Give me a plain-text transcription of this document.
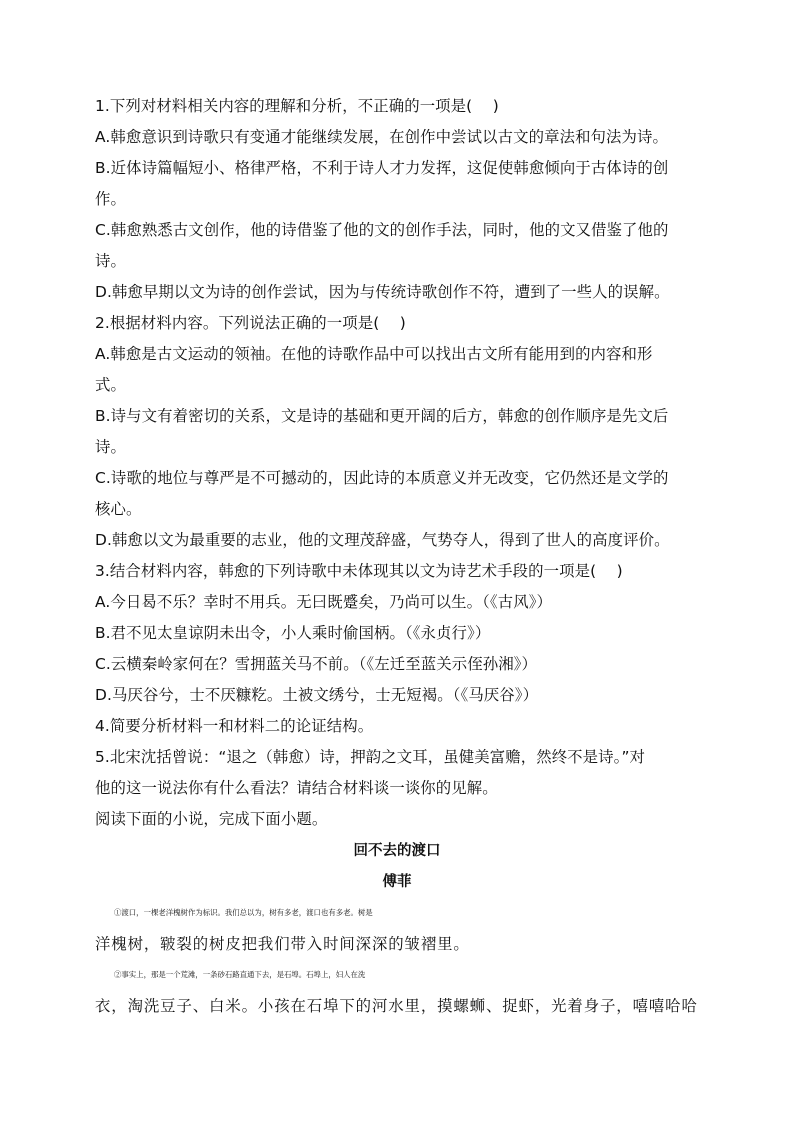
1.下列对材料相关内容的理解和分析，不正确的一项是(　 )
A.韩愈意识到诗歌只有变通才能继续发展，在创作中尝试以古文的章法和句法为诗。
B.近体诗篇幅短小、格律严格，不利于诗人才力发挥，这促使韩愈倾向于古体诗的创
作。
C.韩愈熟悉古文创作，他的诗借鉴了他的文的创作手法，同时，他的文又借鉴了他的
诗。
D.韩愈早期以文为诗的创作尝试，因为与传统诗歌创作不符，遭到了一些人的误解。
2.根据材料内容。下列说法正确的一项是(　 )
A.韩愈是古文运动的领袖。在他的诗歌作品中可以找出古文所有能用到的内容和形
式。
B.诗与文有着密切的关系，文是诗的基础和更开阔的后方，韩愈的创作顺序是先文后
诗。
C.诗歌的地位与尊严是不可撼动的，因此诗的本质意义并无改变，它仍然还是文学的
核心。
D.韩愈以文为最重要的志业，他的文理茂辞盛，气势夺人，得到了世人的高度评价。
3.结合材料内容，韩愈的下列诗歌中未体现其以文为诗艺术手段的一项是(　 )
A.今日曷不乐？幸时不用兵。无曰既蹙矣，乃尚可以生。（《古风》）
B.君不见太皇谅阴未出令，小人乘时偷国柄。（《永贞行》）
C.云横秦岭家何在？雪拥蓝关马不前。（《左迁至蓝关示侄孙湘》）
D.马厌谷兮，士不厌糠籺。土被文绣兮，士无短褐。（《马厌谷》）
4.简要分析材料一和材料二的论证结构。
5.北宋沈括曾说：“退之（韩愈）诗，押韵之文耳，虽健美富赡，然终不是诗。”对
他的这一说法你有什么看法？请结合材料谈一谈你的见解。
阅读下面的小说，完成下面小题。
回不去的渡口
傅菲
①渡口，一棵老洋槐树作为标识。我们总以为，树有多老，渡口也有多老。树是
洋槐树，皲裂的树皮把我们带入时间深深的皱褶里。
②事实上，那是一个荒滩，一条砂石路直通下去，是石埠。石埠上，妇人在洗
衣，淘洗豆子、白米。小孩在石埠下的河水里，摸螺蛳、捉虾，光着身子，嘻嘻哈哈
